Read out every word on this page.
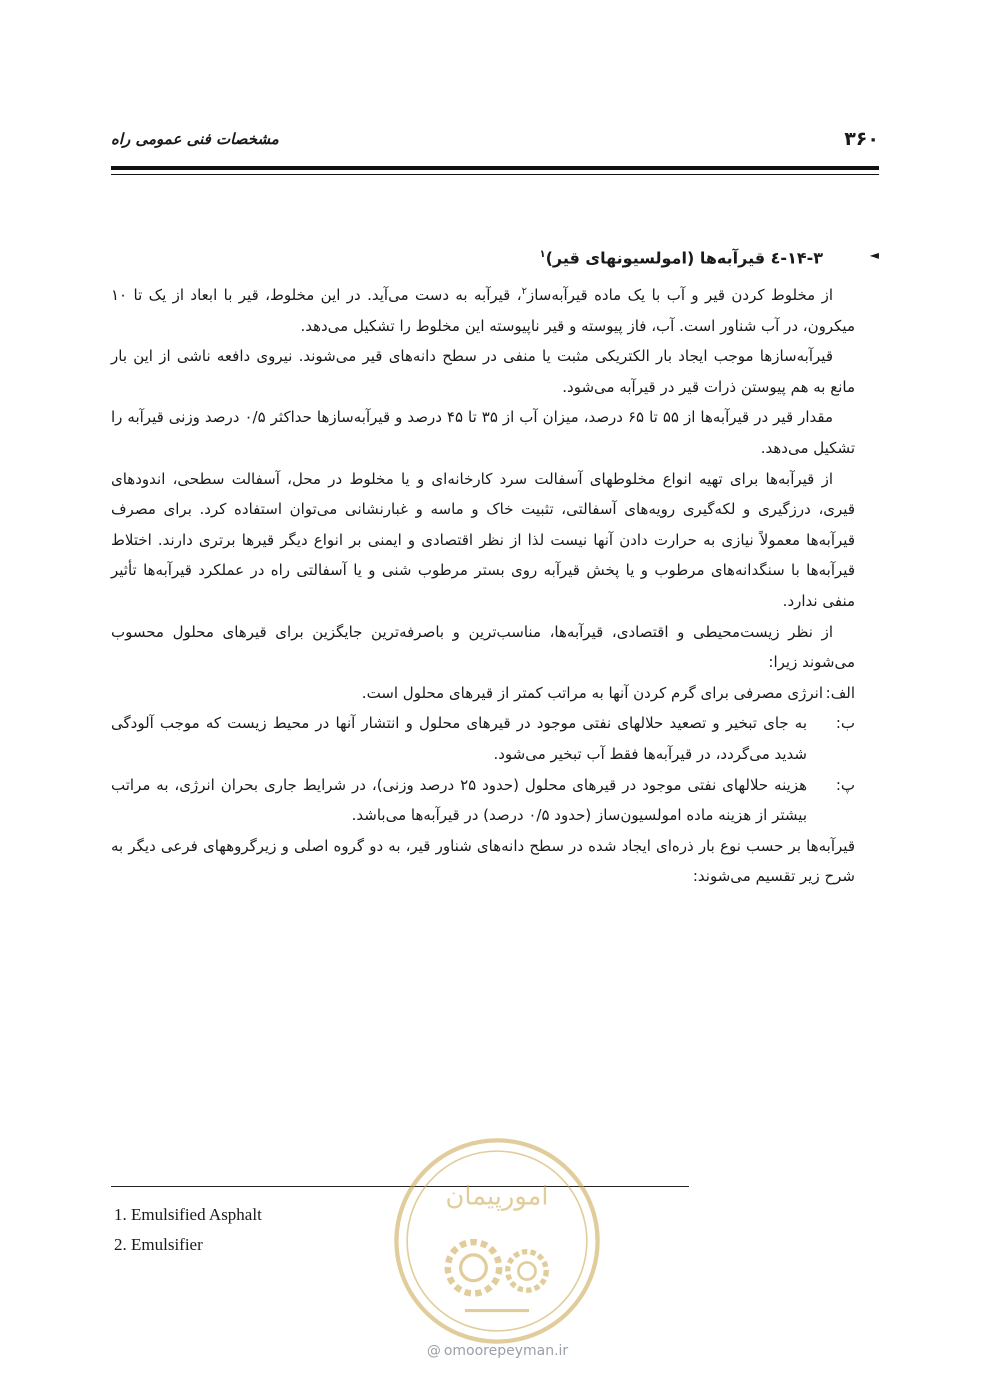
۳۶۰
مشخصات فنی عمومی راه
◄
۱۴-۳-٤ قیرآبه‌ها (امولسیونهای قیر)$^۱$

از مخلوط کردن قیر و آب با یک ماده قیرآبه‌ساز$^۲$، قیرآبه به دست می‌آید. در این مخلوط، قیر با ابعاد از یک تا ۱۰ میکرون، در آب شناور است. آب، فاز پیوسته و قیر ناپیوسته این مخلوط را تشکیل می‌دهد.

قیرآبه‌سازها موجب ایجاد بار الکتریکی مثبت یا منفی در سطح دانه‌های قیر می‌شوند. نیروی دافعه ناشی از این بار مانع به هم پیوستن ذرات قیر در قیرآبه می‌شود.

مقدار قیر در قیرآبه‌ها از ۵۵ تا ۶۵ درصد، میزان آب از ۳۵ تا ۴۵ درصد و قیرآبه‌سازها حداکثر ۰/۵ درصد وزنی قیرآبه را تشکیل می‌دهد.

از قیرآبه‌ها برای تهیه انواع مخلوطهای آسفالت سرد کارخانه‌ای و یا مخلوط در محل، آسفالت سطحی، اندودهای قیری، درزگیری و لکه‌گیری رویه‌های آسفالتی، تثبیت خاک و ماسه و غبارنشانی می‌توان استفاده کرد. برای مصرف قیرآبه‌ها معمولاً نیازی به حرارت دادن آنها نیست لذا از نظر اقتصادی و ایمنی بر انواع دیگر قیرها برتری دارند. اختلاط قیرآبه‌ها با سنگدانه‌های مرطوب و یا پخش قیرآبه روی بستر مرطوب شنی و یا آسفالتی راه در عملکرد قیرآبه‌ها تأثیر منفی ندارد.

از نظر زیست‌محیطی و اقتصادی، قیرآبه‌ها، مناسب‌ترین و باصرفه‌ترین جایگزین برای قیرهای محلول محسوب می‌شوند زیرا:

الف:
انرژی مصرفی برای گرم کردن آنها به مراتب کمتر از قیرهای محلول است.

ب:
به جای تبخیر و تصعید حلالهای نفتی موجود در قیرهای محلول و انتشار آنها در محیط زیست که موجب آلودگی شدید می‌گردد، در قیرآبه‌ها فقط آب تبخیر می‌شود.

پ:
هزینه حلالهای نفتی موجود در قیرهای محلول (حدود ۲۵ درصد وزنی)، در شرایط جاری بحران انرژی، به مراتب بیشتر از هزینه ماده امولسیون‌ساز (حدود ۰/۵ درصد) در قیرآبه‌ها می‌باشد.

قیرآبه‌ها بر حسب نوع بار ذره‌ای ایجاد شده در سطح دانه‌های شناور قیر، به دو گروه اصلی و زیرگروههای فرعی دیگر به شرح زیر تقسیم می‌شوند:

1. Emulsified Asphalt
2. Emulsifier
امورپیمان
@ omoorepeyman.ir
